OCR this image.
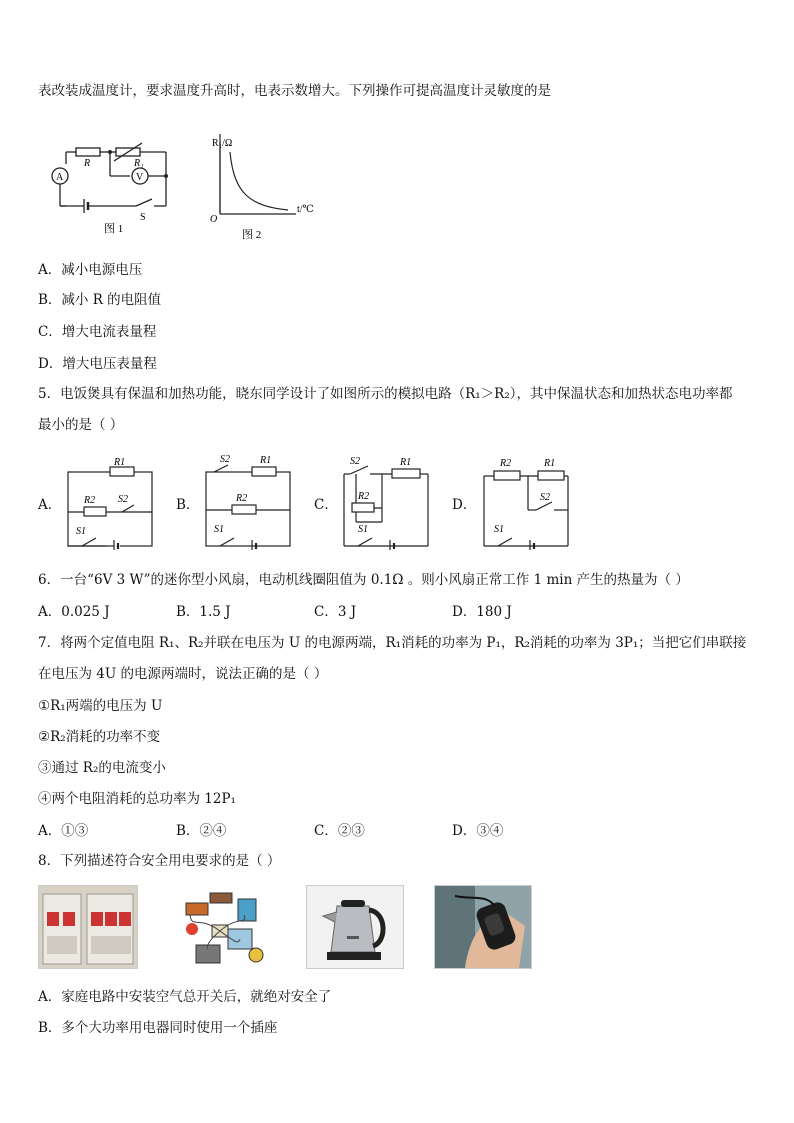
表改装成温度计，要求温度升高时，电表示数增大。下列操作可提高温度计灵敏度的是
A	V
R	R₁
S
图 1
R₁/Ω
t/℃
O
图 2
A．减小电源电压
B．减小 R 的电阻值
C．增大电流表量程
D．增大电压表量程
5．电饭煲具有保温和加热功能，晓东同学设计了如图所示的模拟电路（R₁＞R₂），其中保温状态和加热状态电功率都
最小的是（ ）
A．
R1
R2 S2
S1
B．
S2	R1
R2
S1
C．
S2	R1
R2
S1
D．
R2	R1
S2
S1
6．一台“6V 3 W”的迷你型小风扇，电动机线圈阻值为 0.1Ω 。则小风扇正常工作 1 min 产生的热量为（ ）
A．0.025 J	B．1.5 J	C．3 J	D．180 J
7．将两个定值电阻 R₁、R₂并联在电压为 U 的电源两端，R₁消耗的功率为 P₁，R₂消耗的功率为 3P₁；当把它们串联接
在电压为 4U 的电源两端时，说法正确的是（ ）
①R₁两端的电压为 U
②R₂消耗的功率不变
③通过 R₂的电流变小
④两个电阻消耗的总功率为 12P₁
A．①③	B．②④	C．②③	D．③④
8．下列描述符合安全用电要求的是（ ）
A．家庭电路中安装空气总开关后，就绝对安全了
B．多个大功率用电器同时使用一个插座
